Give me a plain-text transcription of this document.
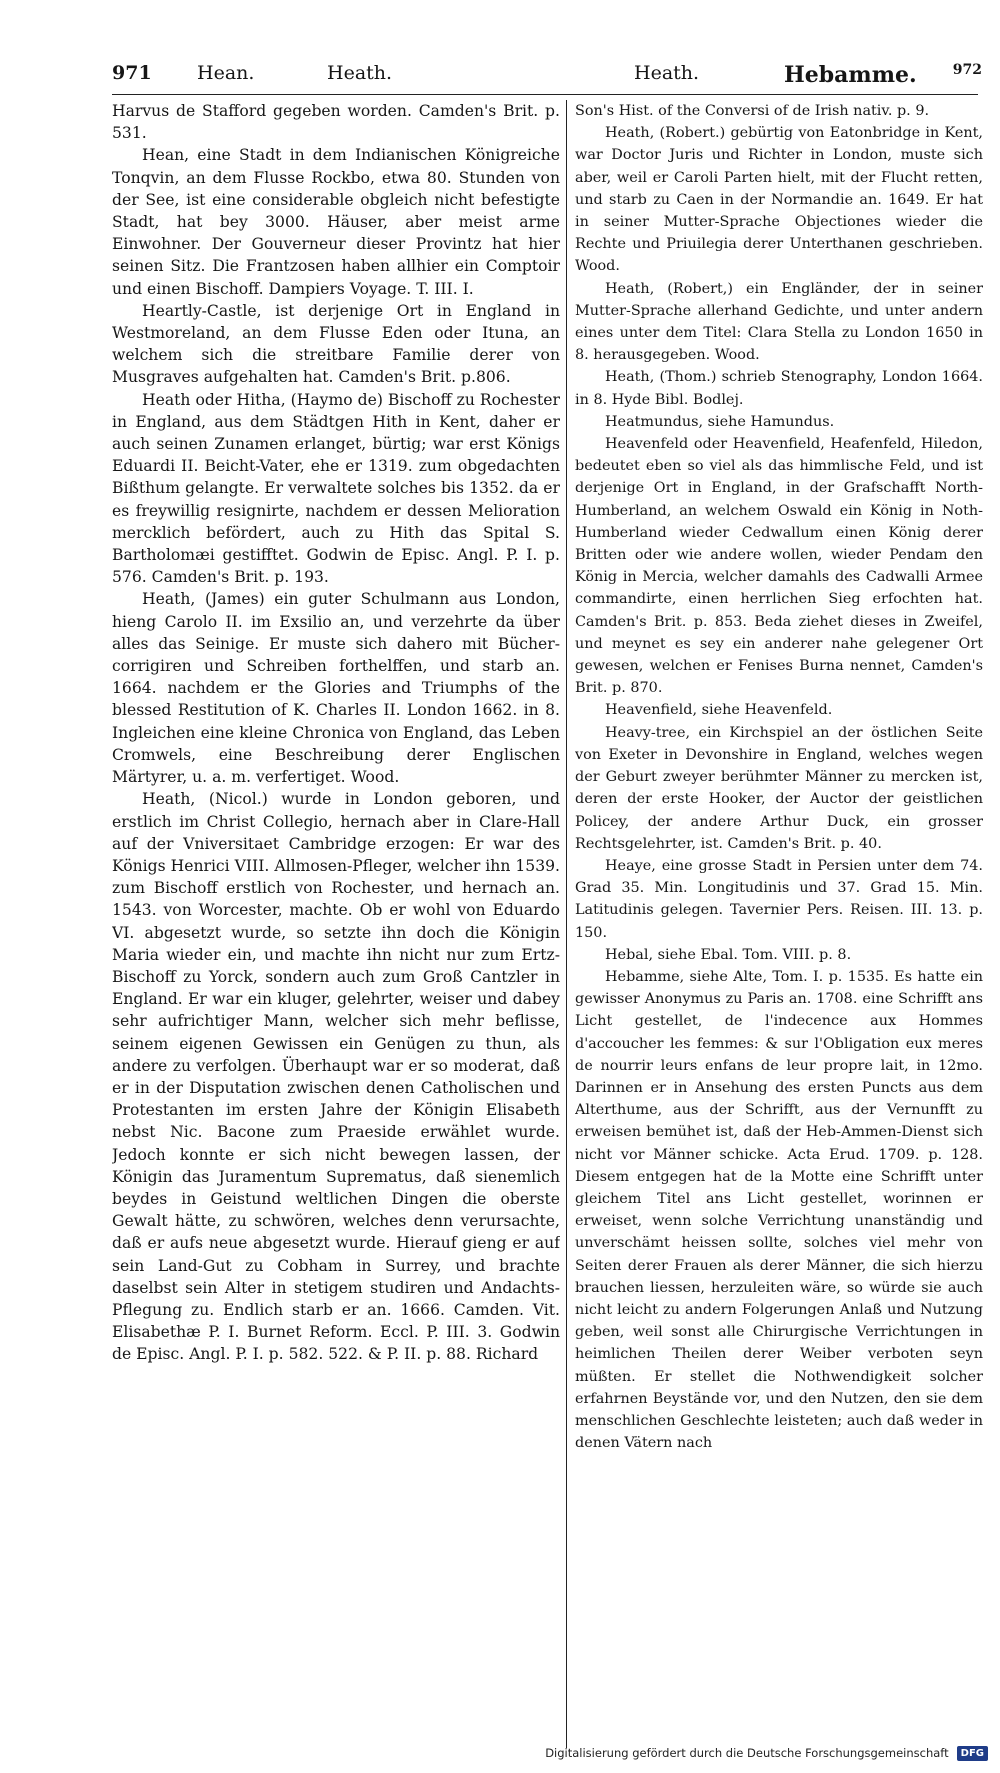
971 Hean.	Heath.	Heath.	Hebamme.	972

Harvus de Stafford gegeben worden. Camden's Brit. p. 531.

Hean, eine Stadt in dem Indianischen Königreiche Tonqvin, an dem Flusse Rockbo, etwa 80. Stunden von der See, ist eine considerable obgleich nicht befestigte Stadt, hat bey 3000. Häuser, aber meist arme Einwohner. Der Gouverneur dieser Provintz hat hier seinen Sitz. Die Frantzosen haben allhier ein Comptoir und einen Bischoff. Dampiers Voyage. T. III. I.

Heartly-Castle, ist derjenige Ort in England in Westmoreland, an dem Flusse Eden oder Ituna, an welchem sich die streitbare Familie derer von Musgraves aufgehalten hat. Camden's Brit. p.806.

Heath oder Hitha, (Haymo de) Bischoff zu Rochester in England, aus dem Städtgen Hith in Kent, daher er auch seinen Zunamen erlanget, bürtig; war erst Königs Eduardi II. Beicht-Vater, ehe er 1319. zum obgedachten Bißthum gelangte. Er verwaltete solches bis 1352. da er es freywillig resignirte, nachdem er dessen Melioration mercklich befördert, auch zu Hith das Spital S. Bartholomæi gestifftet. Godwin de Episc. Angl. P. I. p. 576. Camden's Brit. p. 193.

Heath, (James) ein guter Schulmann aus London, hieng Carolo II. im Exsilio an, und verzehrte da über alles das Seinige. Er muste sich dahero mit Bücher-corrigiren und Schreiben forthelffen, und starb an. 1664. nachdem er the Glories and Triumphs of the blessed Restitution of K. Charles II. London 1662. in 8. Ingleichen eine kleine Chronica von England, das Leben Cromwels, eine Beschreibung derer Englischen Märtyrer, u. a. m. verfertiget. Wood.

Heath, (Nicol.) wurde in London geboren, und erstlich im Christ Collegio, hernach aber in Clare-Hall auf der Vniversitaet Cambridge erzogen: Er war des Königs Henrici VIII. Allmosen-Pfleger, welcher ihn 1539. zum Bischoff erstlich von Rochester, und hernach an. 1543. von Worcester, machte. Ob er wohl von Eduardo VI. abgesetzt wurde, so setzte ihn doch die Königin Maria wieder ein, und machte ihn nicht nur zum Ertz-Bischoff zu Yorck, sondern auch zum Groß Cantzler in England. Er war ein kluger, gelehrter, weiser und dabey sehr aufrichtiger Mann, welcher sich mehr beflisse, seinem eigenen Gewissen ein Genügen zu thun, als andere zu verfolgen. Überhaupt war er so moderat, daß er in der Disputation zwischen denen Catholischen und Protestanten im ersten Jahre der Königin Elisabeth nebst Nic. Bacone zum Praeside erwählet wurde. Jedoch konnte er sich nicht bewegen lassen, der Königin das Juramentum Suprematus, daß sienemlich beydes in Geistund weltlichen Dingen die oberste Gewalt hätte, zu schwören, welches denn verursachte, daß er aufs neue abgesetzt wurde. Hierauf gieng er auf sein Land-Gut zu Cobham in Surrey, und brachte daselbst sein Alter in stetigem studiren und Andachts-Pflegung zu. Endlich starb er an. 1666. Camden. Vit. Elisabethæ P. I. Burnet Reform. Eccl. P. III. 3. Godwin de Episc. Angl. P. I. p. 582. 522. & P. II. p. 88. Richard

Son's Hist. of the Conversi of de Irish nativ. p. 9.

Heath, (Robert.) gebürtig von Eatonbridge in Kent, war Doctor Juris und Richter in London, muste sich aber, weil er Caroli Parten hielt, mit der Flucht retten, und starb zu Caen in der Normandie an. 1649. Er hat in seiner Mutter-Sprache Objectiones wieder die Rechte und Priuilegia derer Unterthanen geschrieben. Wood.

Heath, (Robert,) ein Engländer, der in seiner Mutter-Sprache allerhand Gedichte, und unter andern eines unter dem Titel: Clara Stella zu London 1650 in 8. herausgegeben. Wood.

Heath, (Thom.) schrieb Stenography, London 1664. in 8. Hyde Bibl. Bodlej.

Heatmundus, siehe Hamundus.

Heavenfeld oder Heavenfield, Heafenfeld, Hiledon, bedeutet eben so viel als das himmlische Feld, und ist derjenige Ort in England, in der Grafschafft North-Humberland, an welchem Oswald ein König in Noth-Humberland wieder Cedwallum einen König derer Britten oder wie andere wollen, wieder Pendam den König in Mercia, welcher damahls des Cadwalli Armee commandirte, einen herrlichen Sieg erfochten hat. Camden's Brit. p. 853. Beda ziehet dieses in Zweifel, und meynet es sey ein anderer nahe gelegener Ort gewesen, welchen er Fenises Burna nennet, Camden's Brit. p. 870.

Heavenfield, siehe Heavenfeld.

Heavy-tree, ein Kirchspiel an der östlichen Seite von Exeter in Devonshire in England, welches wegen der Geburt zweyer berühmter Männer zu mercken ist, deren der erste Hooker, der Auctor der geistlichen Policey, der andere Arthur Duck, ein grosser Rechtsgelehrter, ist. Camden's Brit. p. 40.

Heaye, eine grosse Stadt in Persien unter dem 74. Grad 35. Min. Longitudinis und 37. Grad 15. Min. Latitudinis gelegen. Tavernier Pers. Reisen. III. 13. p. 150.

Hebal, siehe Ebal. Tom. VIII. p. 8.

Hebamme, siehe Alte, Tom. I. p. 1535. Es hatte ein gewisser Anonymus zu Paris an. 1708. eine Schrifft ans Licht gestellet, de l'indecence aux Hommes d'accoucher les femmes: & sur l'Obligation eux meres de nourrir leurs enfans de leur propre lait, in 12mo. Darinnen er in Ansehung des ersten Puncts aus dem Alterthume, aus der Schrifft, aus der Vernunfft zu erweisen bemühet ist, daß der Heb-Ammen-Dienst sich nicht vor Männer schicke. Acta Erud. 1709. p. 128. Diesem entgegen hat de la Motte eine Schrifft unter gleichem Titel ans Licht gestellet, worinnen er erweiset, wenn solche Verrichtung unanständig und unverschämt heissen sollte, solches viel mehr von Seiten derer Frauen als derer Männer, die sich hierzu brauchen liessen, herzuleiten wäre, so würde sie auch nicht leicht zu andern Folgerungen Anlaß und Nutzung geben, weil sonst alle Chirurgische Verrichtungen in heimlichen Theilen derer Weiber verboten seyn müßten. Er stellet die Nothwendigkeit solcher erfahrnen Beystände vor, und den Nutzen, den sie dem menschlichen Geschlechte leisteten; auch daß weder in denen Vätern nach

Digitalisierung gefördert durch die Deutsche Forschungsgemeinschaft	DFG
